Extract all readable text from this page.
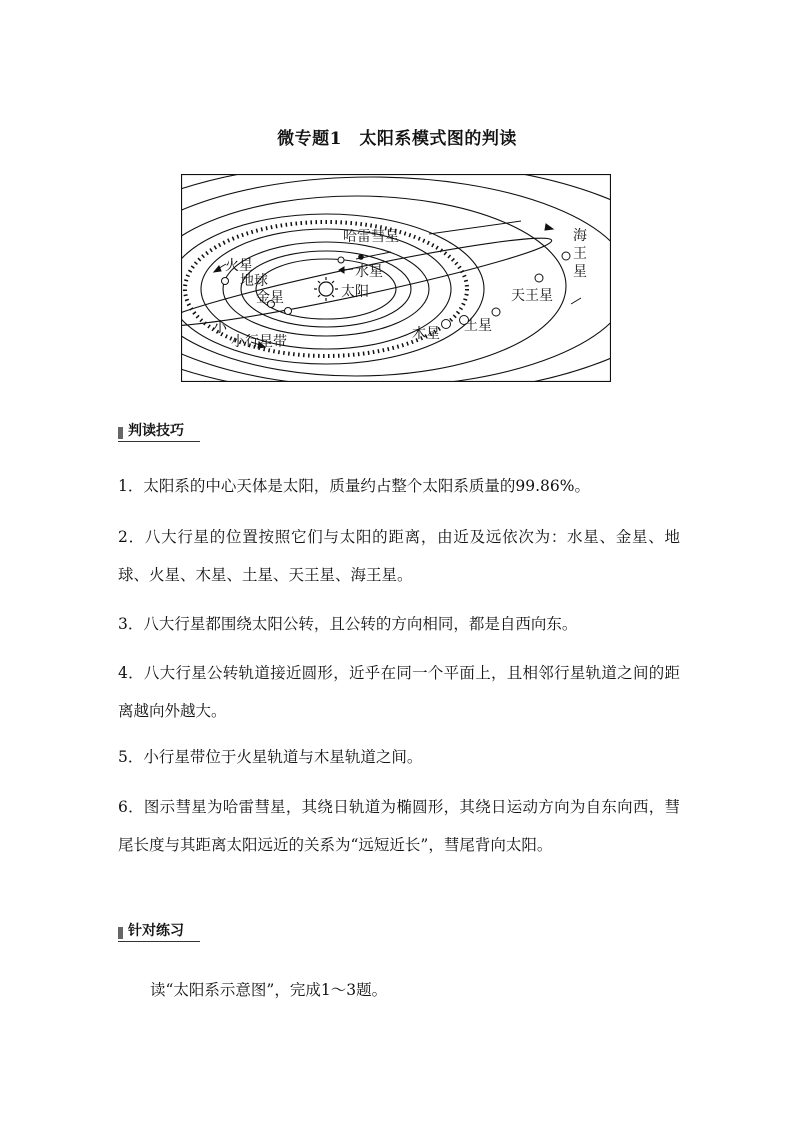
微专题1　太阳系模式图的判读
哈雷彗星
水星
太阳
金星
地球
火星
小
小行星带	木星 土星
天王星
海
王
星
判读技巧
1．太阳系的中心天体是太阳，质量约占整个太阳系质量的99.86%。
2．八大行星的位置按照它们与太阳的距离，由近及远依次为：水星、金星、地球、火星、木星、土星、天王星、海王星。
3．八大行星都围绕太阳公转，且公转的方向相同，都是自西向东。
4．八大行星公转轨道接近圆形，近乎在同一个平面上，且相邻行星轨道之间的距离越向外越大。
5．小行星带位于火星轨道与木星轨道之间。
6．图示彗星为哈雷彗星，其绕日轨道为椭圆形，其绕日运动方向为自东向西，彗尾长度与其距离太阳远近的关系为“远短近长”，彗尾背向太阳。
针对练习
读“太阳系示意图”，完成1～3题。
